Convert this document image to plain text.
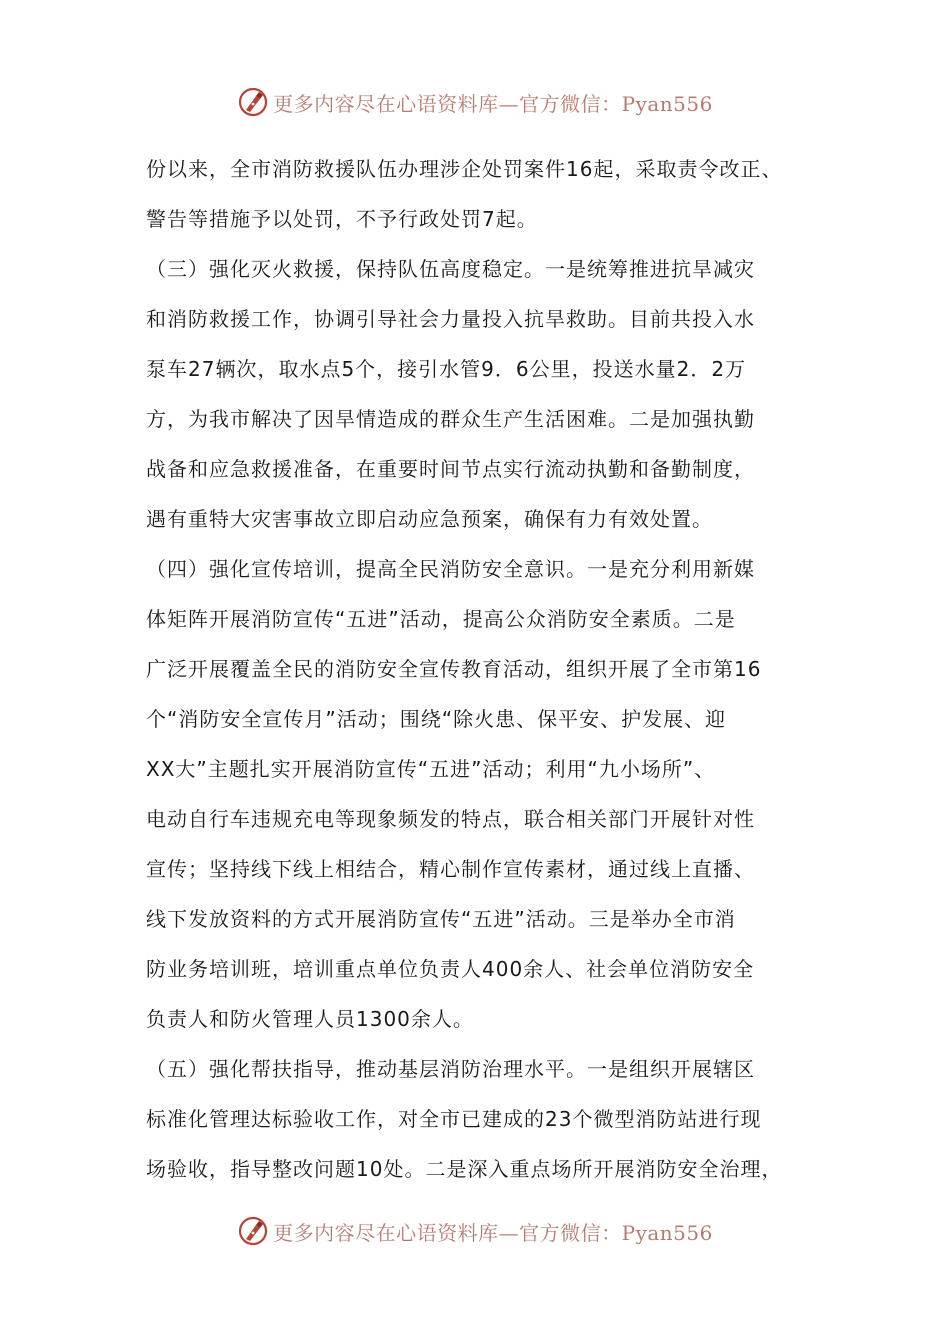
更多内容尽在心语资料库—官方微信：Pyan556
份以来，全市消防救援队伍办理涉企处罚案件16起，采取责令改正、
警告等措施予以处罚，不予行政处罚7起。
（三）强化灭火救援，保持队伍高度稳定。一是统筹推进抗旱减灾
和消防救援工作，协调引导社会力量投入抗旱救助。目前共投入水
泵车27辆次，取水点5个，接引水管9．6公里，投送水量2．2万
方，为我市解决了因旱情造成的群众生产生活困难。二是加强执勤
战备和应急救援准备，在重要时间节点实行流动执勤和备勤制度，
遇有重特大灾害事故立即启动应急预案，确保有力有效处置。
（四）强化宣传培训，提高全民消防安全意识。一是充分利用新媒
体矩阵开展消防宣传“五进”活动，提高公众消防安全素质。二是
广泛开展覆盖全民的消防安全宣传教育活动，组织开展了全市第16
个“消防安全宣传月”活动；围绕“除火患、保平安、护发展、迎
XX大”主题扎实开展消防宣传“五进”活动；利用“九小场所”、
电动自行车违规充电等现象频发的特点，联合相关部门开展针对性
宣传；坚持线下线上相结合，精心制作宣传素材，通过线上直播、
线下发放资料的方式开展消防宣传“五进”活动。三是举办全市消
防业务培训班，培训重点单位负责人400余人、社会单位消防安全
负责人和防火管理人员1300余人。
（五）强化帮扶指导，推动基层消防治理水平。一是组织开展辖区
标准化管理达标验收工作，对全市已建成的23个微型消防站进行现
场验收，指导整改问题10处。二是深入重点场所开展消防安全治理，
更多内容尽在心语资料库—官方微信：Pyan556
